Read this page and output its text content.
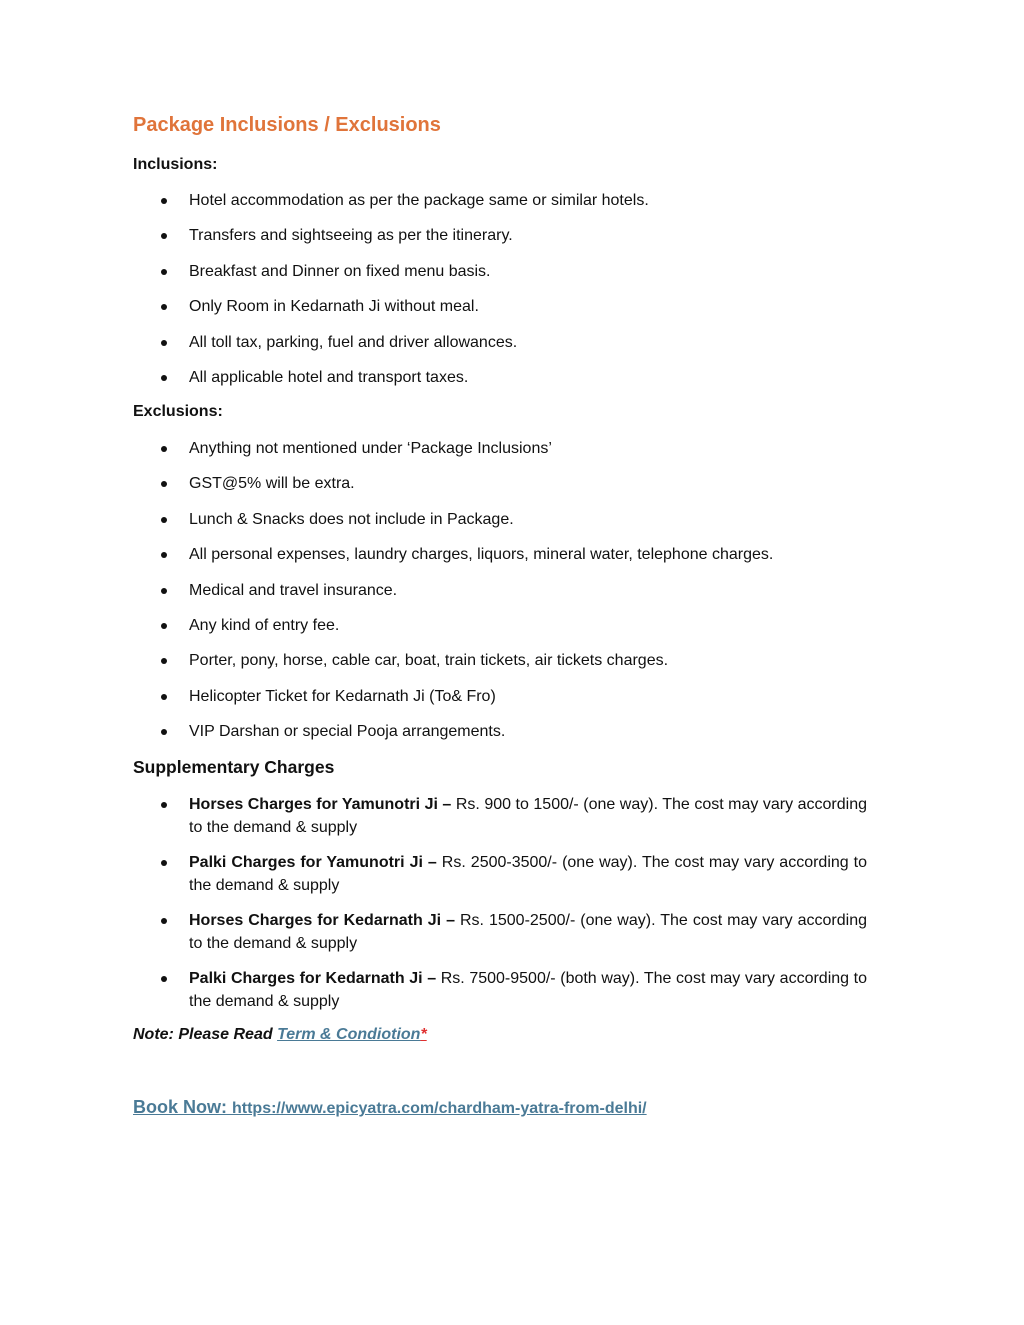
Package Inclusions / Exclusions

Inclusions:

Hotel accommodation as per the package same or similar hotels.
Transfers and sightseeing as per the itinerary.
Breakfast and Dinner on fixed menu basis.
Only Room in Kedarnath Ji without meal.
All toll tax, parking, fuel and driver allowances.
All applicable hotel and transport taxes.

Exclusions:

Anything not mentioned under ‘Package Inclusions’
GST@5% will be extra.
Lunch & Snacks does not include in Package.
All personal expenses, laundry charges, liquors, mineral water, telephone charges.
Medical and travel insurance.
Any kind of entry fee.
Porter, pony, horse, cable car, boat, train tickets, air tickets charges.
Helicopter Ticket for Kedarnath Ji (To& Fro)
VIP Darshan or special Pooja arrangements.
Supplementary Charges
Horses Charges for Yamunotri Ji – Rs. 900 to 1500/- (one way). The cost may vary according to the demand & supply
Palki Charges for Yamunotri Ji – Rs. 2500-3500/- (one way). The cost may vary according to the demand & supply
Horses Charges for Kedarnath Ji – Rs. 1500-2500/- (one way). The cost may vary according to the demand & supply
Palki Charges for Kedarnath Ji – Rs. 7500-9500/- (both way). The cost may vary according to the demand & supply

Note: Please Read Term & Condiotion*

Book Now: https://www.epicyatra.com/chardham-yatra-from-delhi/
